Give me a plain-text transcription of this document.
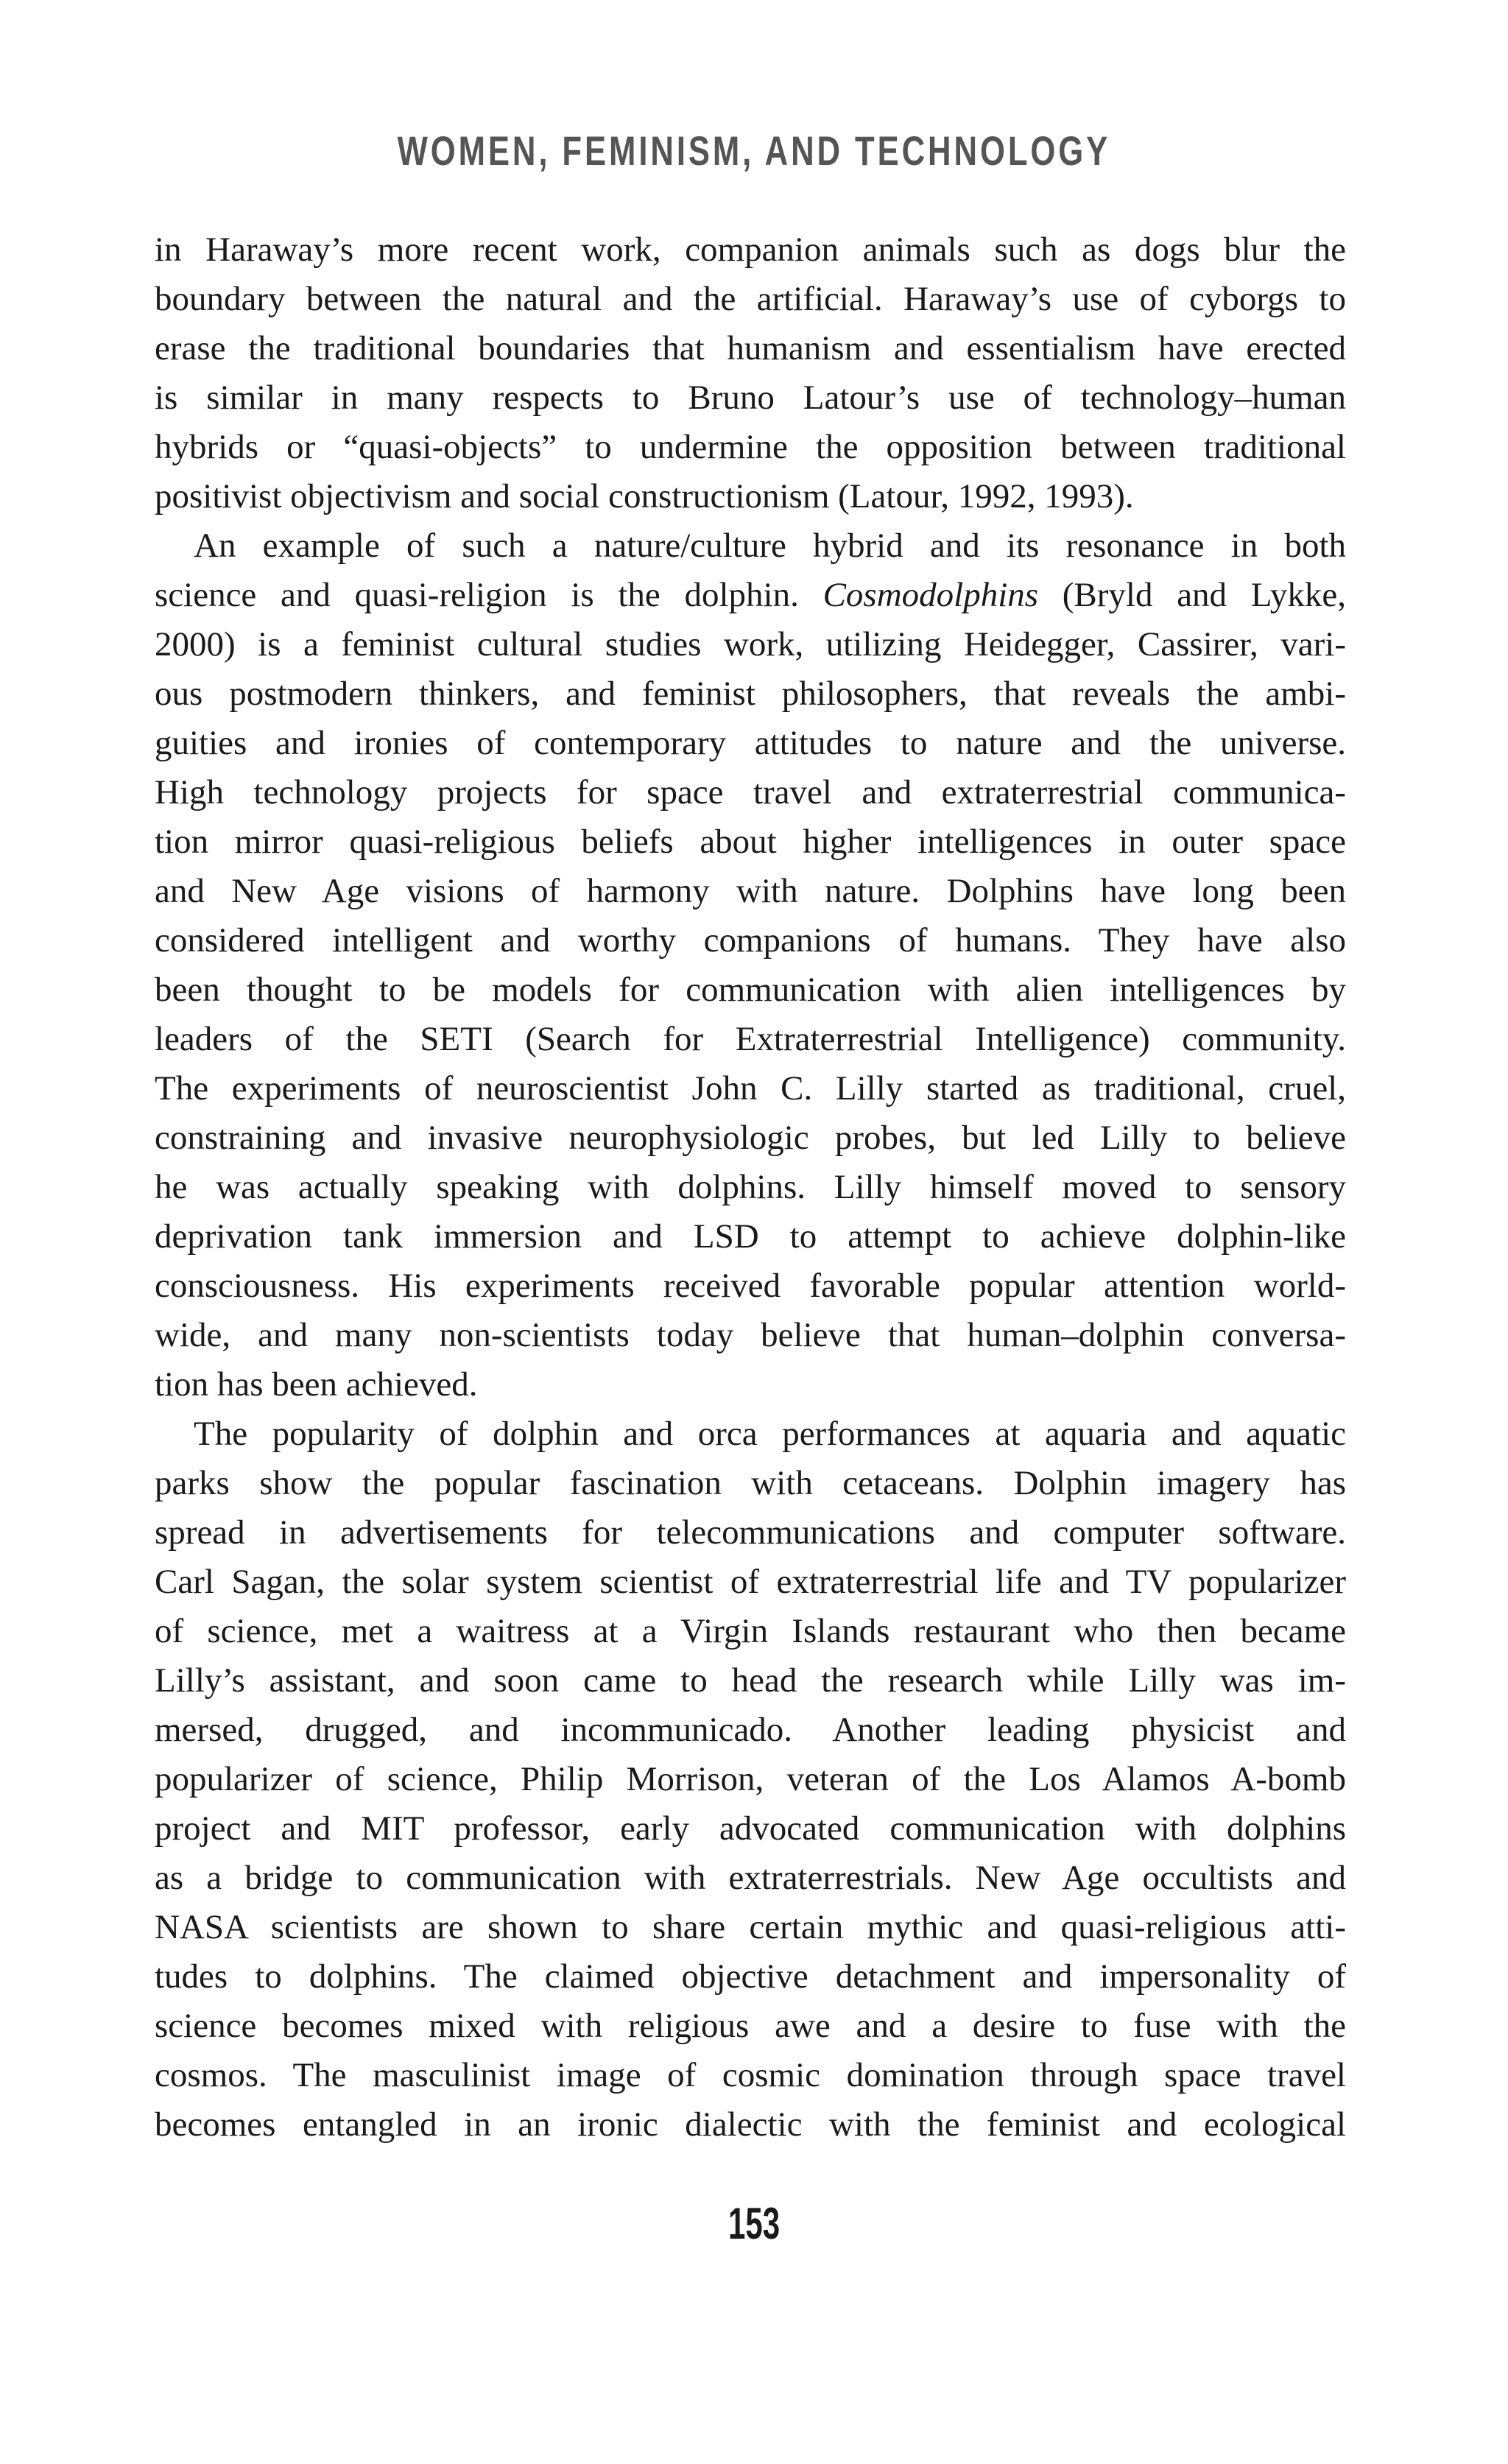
WOMEN, FEMINISM, AND TECHNOLOGY
in Haraway’s more recent work, companion animals such as dogs blur the
boundary between the natural and the artificial. Haraway’s use of cyborgs to
erase the traditional boundaries that humanism and essentialism have erected
is similar in many respects to Bruno Latour’s use of technology–human
hybrids or “quasi-objects” to undermine the opposition between traditional
positivist objectivism and social constructionism (Latour, 1992, 1993).
An example of such a nature/culture hybrid and its resonance in both
science and quasi-religion is the dolphin. Cosmodolphins (Bryld and Lykke,
2000) is a feminist cultural studies work, utilizing Heidegger, Cassirer, vari-
ous postmodern thinkers, and feminist philosophers, that reveals the ambi-
guities and ironies of contemporary attitudes to nature and the universe.
High technology projects for space travel and extraterrestrial communica-
tion mirror quasi-religious beliefs about higher intelligences in outer space
and New Age visions of harmony with nature. Dolphins have long been
considered intelligent and worthy companions of humans. They have also
been thought to be models for communication with alien intelligences by
leaders of the SETI (Search for Extraterrestrial Intelligence) community.
The experiments of neuroscientist John C. Lilly started as traditional, cruel,
constraining and invasive neurophysiologic probes, but led Lilly to believe
he was actually speaking with dolphins. Lilly himself moved to sensory
deprivation tank immersion and LSD to attempt to achieve dolphin-like
consciousness. His experiments received favorable popular attention world-
wide, and many non-scientists today believe that human–dolphin conversa-
tion has been achieved.
The popularity of dolphin and orca performances at aquaria and aquatic
parks show the popular fascination with cetaceans. Dolphin imagery has
spread in advertisements for telecommunications and computer software.
Carl Sagan, the solar system scientist of extraterrestrial life and TV popularizer
of science, met a waitress at a Virgin Islands restaurant who then became
Lilly’s assistant, and soon came to head the research while Lilly was im-
mersed, drugged, and incommunicado. Another leading physicist and
popularizer of science, Philip Morrison, veteran of the Los Alamos A-bomb
project and MIT professor, early advocated communication with dolphins
as a bridge to communication with extraterrestrials. New Age occultists and
NASA scientists are shown to share certain mythic and quasi-religious atti-
tudes to dolphins. The claimed objective detachment and impersonality of
science becomes mixed with religious awe and a desire to fuse with the
cosmos. The masculinist image of cosmic domination through space travel
becomes entangled in an ironic dialectic with the feminist and ecological
153
